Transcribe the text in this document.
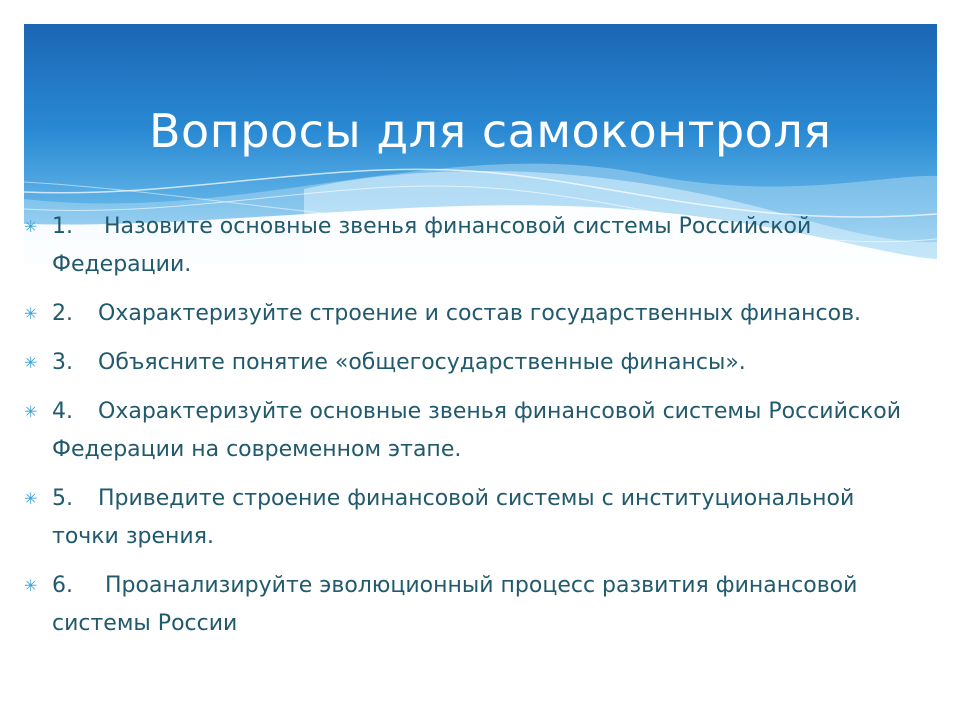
Вопросы для самоконтроля
✳ 1. Назовите основные звенья финансовой системы Российской Федерации.
✳ 2. Охарактеризуйте строение и состав государственных финансов.
✳ 3. Объясните понятие «общегосударственные финансы».
✳ 4. Охарактеризуйте основные звенья финансовой системы Российской Федерации на современном этапе.
✳ 5. Приведите строение финансовой системы с институциональной точки зрения.
✳ 6. Проанализируйте эволюционный процесс развития финансовой системы России
